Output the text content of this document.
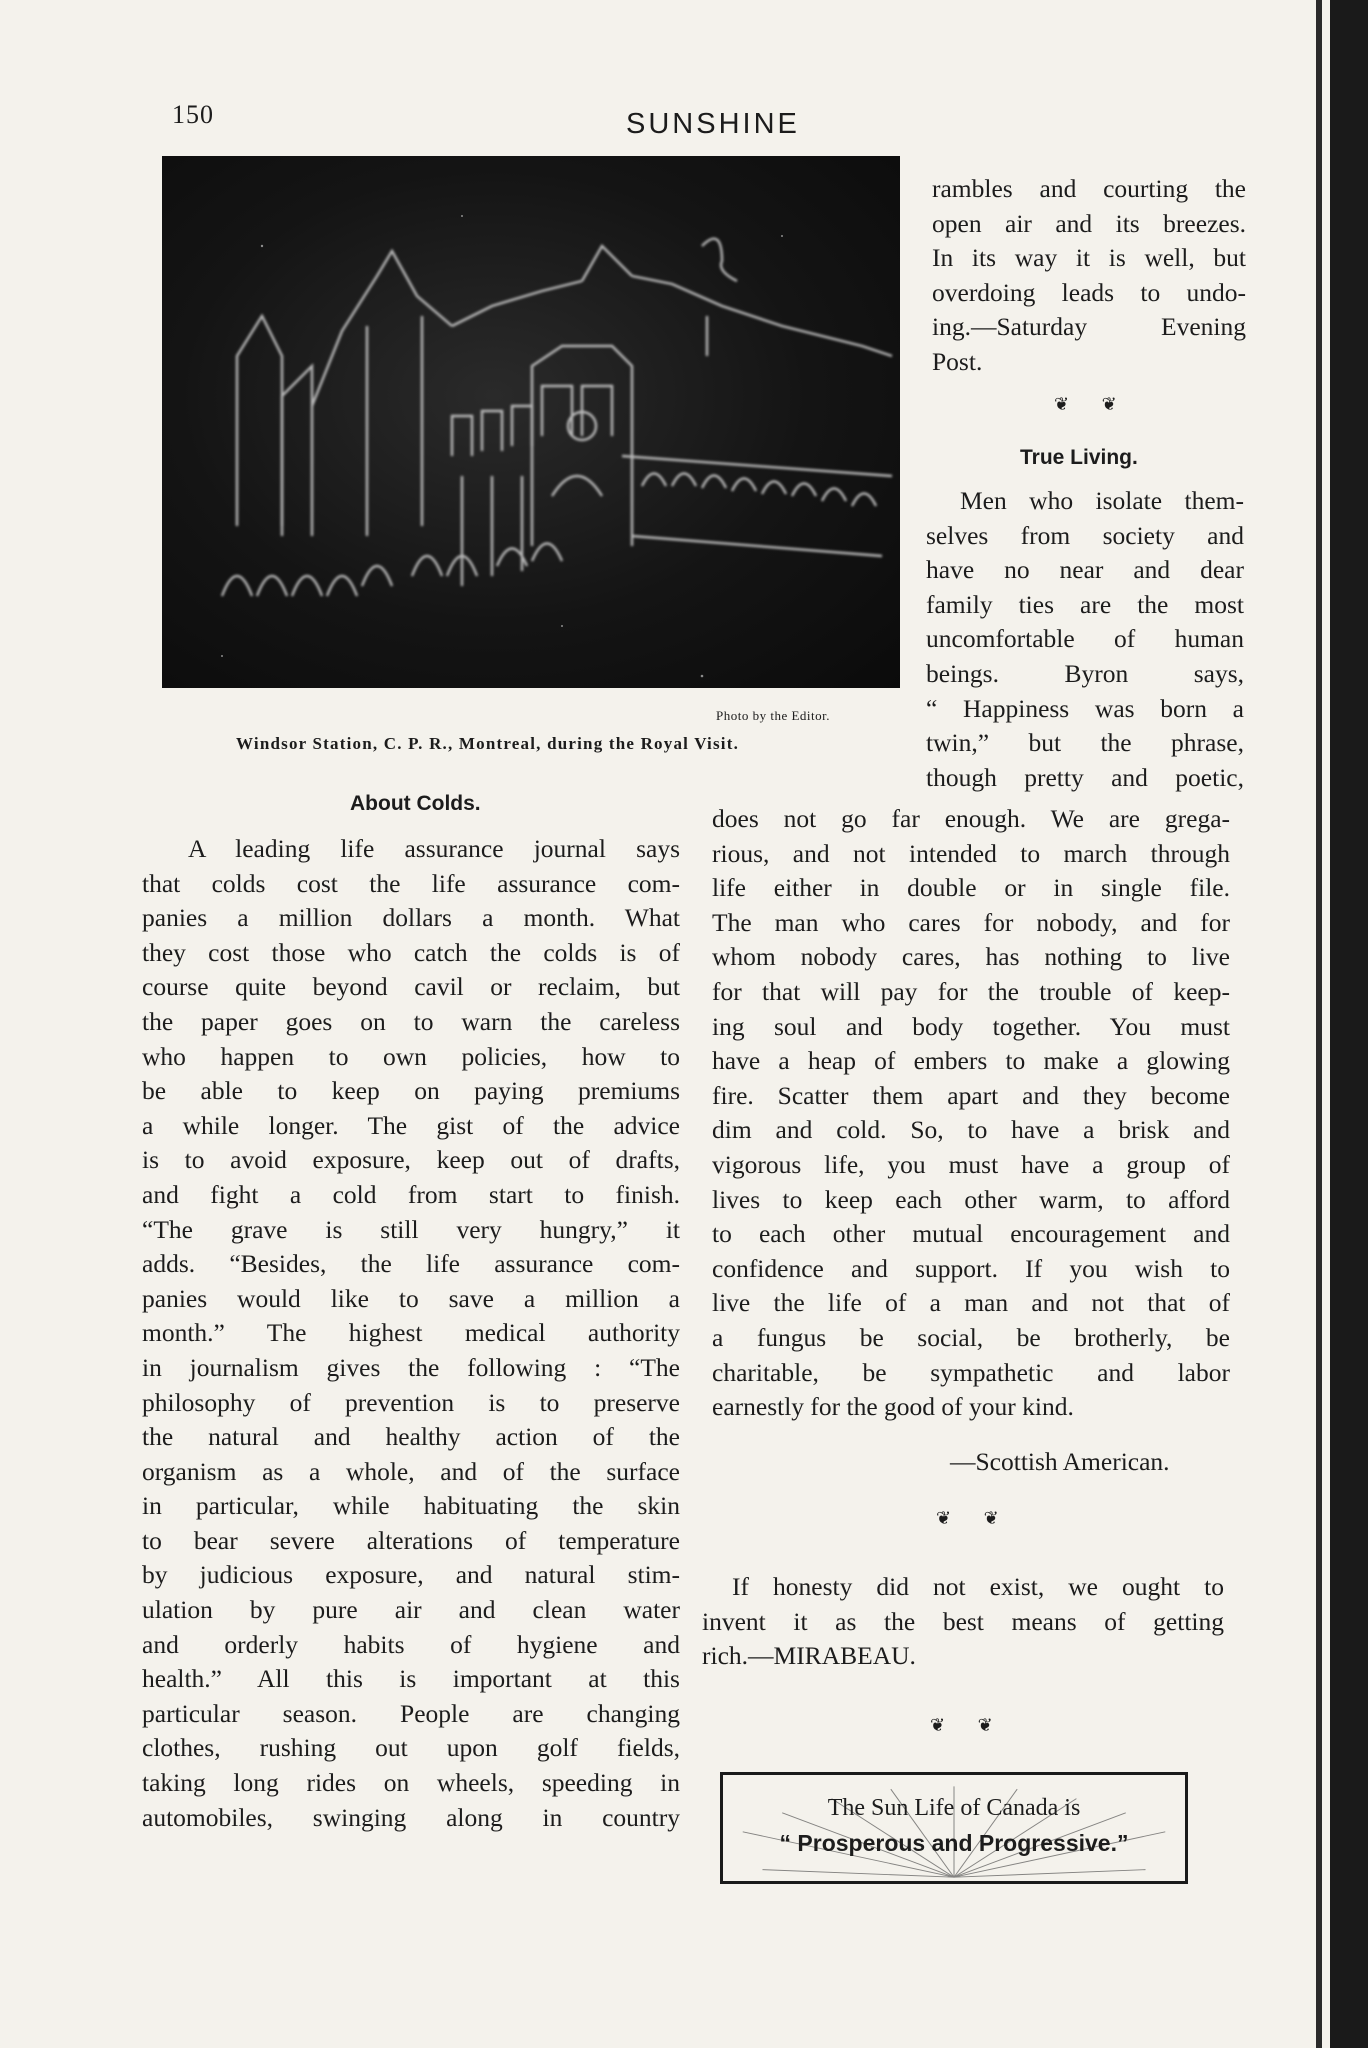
150	SUNSHINE
Photo by the Editor.
Windsor Station, C. P. R., Montreal, during the Royal Visit.
rambles and courting the
open air and its breezes.
In its way it is well, but
overdoing leads to undo-
ing.—Saturday Evening
Post.
❦ ❦
True Living.
Men who isolate them-
selves from society and
have no near and dear
family ties are the most
uncomfortable of human
beings. Byron says,
“ Happiness was born a
twin,” but the phrase,
though pretty and poetic,
does not go far enough. We are grega-
rious, and not intended to march through
life either in double or in single file.
The man who cares for nobody, and for
whom nobody cares, has nothing to live
for that will pay for the trouble of keep-
ing soul and body together. You must
have a heap of embers to make a glowing
fire. Scatter them apart and they become
dim and cold. So, to have a brisk and
vigorous life, you must have a group of
lives to keep each other warm, to afford
to each other mutual encouragement and
confidence and support. If you wish to
live the life of a man and not that of
a fungus be social, be brotherly, be
charitable, be sympathetic and labor
earnestly for the good of your kind.
—Scottish American.
❦ ❦
If honesty did not exist, we ought to
invent it as the best means of getting
rich.—MIRABEAU.
❦ ❦
About Colds.
A leading life assurance journal says
that colds cost the life assurance com-
panies a million dollars a month. What
they cost those who catch the colds is of
course quite beyond cavil or reclaim, but
the paper goes on to warn the careless
who happen to own policies, how to
be able to keep on paying premiums
a while longer. The gist of the advice
is to avoid exposure, keep out of drafts,
and fight a cold from start to finish.
“The grave is still very hungry,” it
adds. “Besides, the life assurance com-
panies would like to save a million a
month.” The highest medical authority
in journalism gives the following : “The
philosophy of prevention is to preserve
the natural and healthy action of the
organism as a whole, and of the surface
in particular, while habituating the skin
to bear severe alterations of temperature
by judicious exposure, and natural stim-
ulation by pure air and clean water
and orderly habits of hygiene and
health.” All this is important at this
particular season. People are changing
clothes, rushing out upon golf fields,
taking long rides on wheels, speeding in
automobiles, swinging along in country	The Sun Life of Canada is
“ Prosperous and Progressive.”
